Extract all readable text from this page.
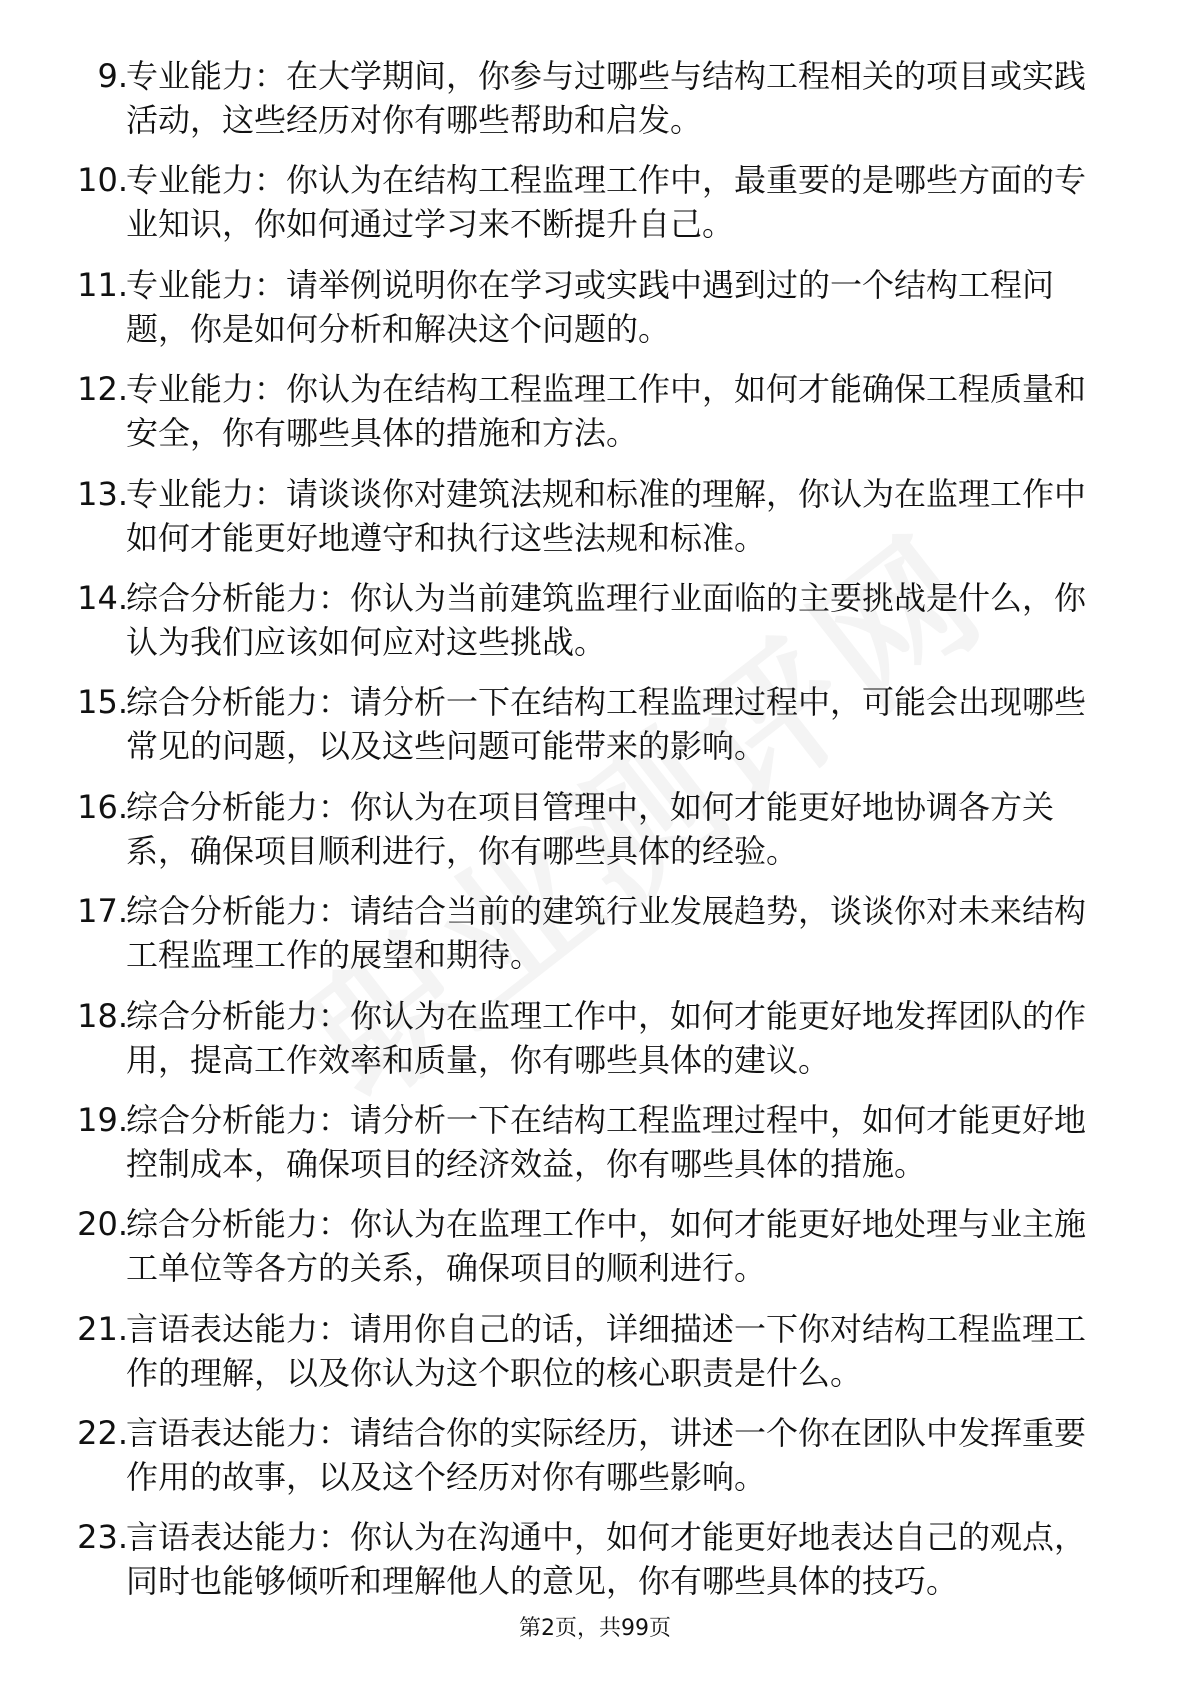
9.
专业能力：在大学期间，你参与过哪些与结构工程相关的项目或实践活动，这些经历对你有哪些帮助和启发。
10.
专业能力：你认为在结构工程监理工作中，最重要的是哪些方面的专业知识，你如何通过学习来不断提升自己。
11.
专业能力：请举例说明你在学习或实践中遇到过的一个结构工程问题，你是如何分析和解决这个问题的。
12.
专业能力：你认为在结构工程监理工作中，如何才能确保工程质量和安全，你有哪些具体的措施和方法。
13.
专业能力：请谈谈你对建筑法规和标准的理解，你认为在监理工作中如何才能更好地遵守和执行这些法规和标准。
14.
综合分析能力：你认为当前建筑监理行业面临的主要挑战是什么，你认为我们应该如何应对这些挑战。
15.
综合分析能力：请分析一下在结构工程监理过程中，可能会出现哪些常见的问题，以及这些问题可能带来的影响。
16.
综合分析能力：你认为在项目管理中，如何才能更好地协调各方关系，确保项目顺利进行，你有哪些具体的经验。
17.
综合分析能力：请结合当前的建筑行业发展趋势，谈谈你对未来结构工程监理工作的展望和期待。
18.
综合分析能力：你认为在监理工作中，如何才能更好地发挥团队的作用，提高工作效率和质量，你有哪些具体的建议。
19.
综合分析能力：请分析一下在结构工程监理过程中，如何才能更好地控制成本，确保项目的经济效益，你有哪些具体的措施。
20.
综合分析能力：你认为在监理工作中，如何才能更好地处理与业主施工单位等各方的关系，确保项目的顺利进行。
21.
言语表达能力：请用你自己的话，详细描述一下你对结构工程监理工作的理解，以及你认为这个职位的核心职责是什么。
22.
言语表达能力：请结合你的实际经历，讲述一个你在团队中发挥重要作用的故事，以及这个经历对你有哪些影响。
23.
言语表达能力：你认为在沟通中，如何才能更好地表达自己的观点，同时也能够倾听和理解他人的意见，你有哪些具体的技巧。
第2页，共99页
